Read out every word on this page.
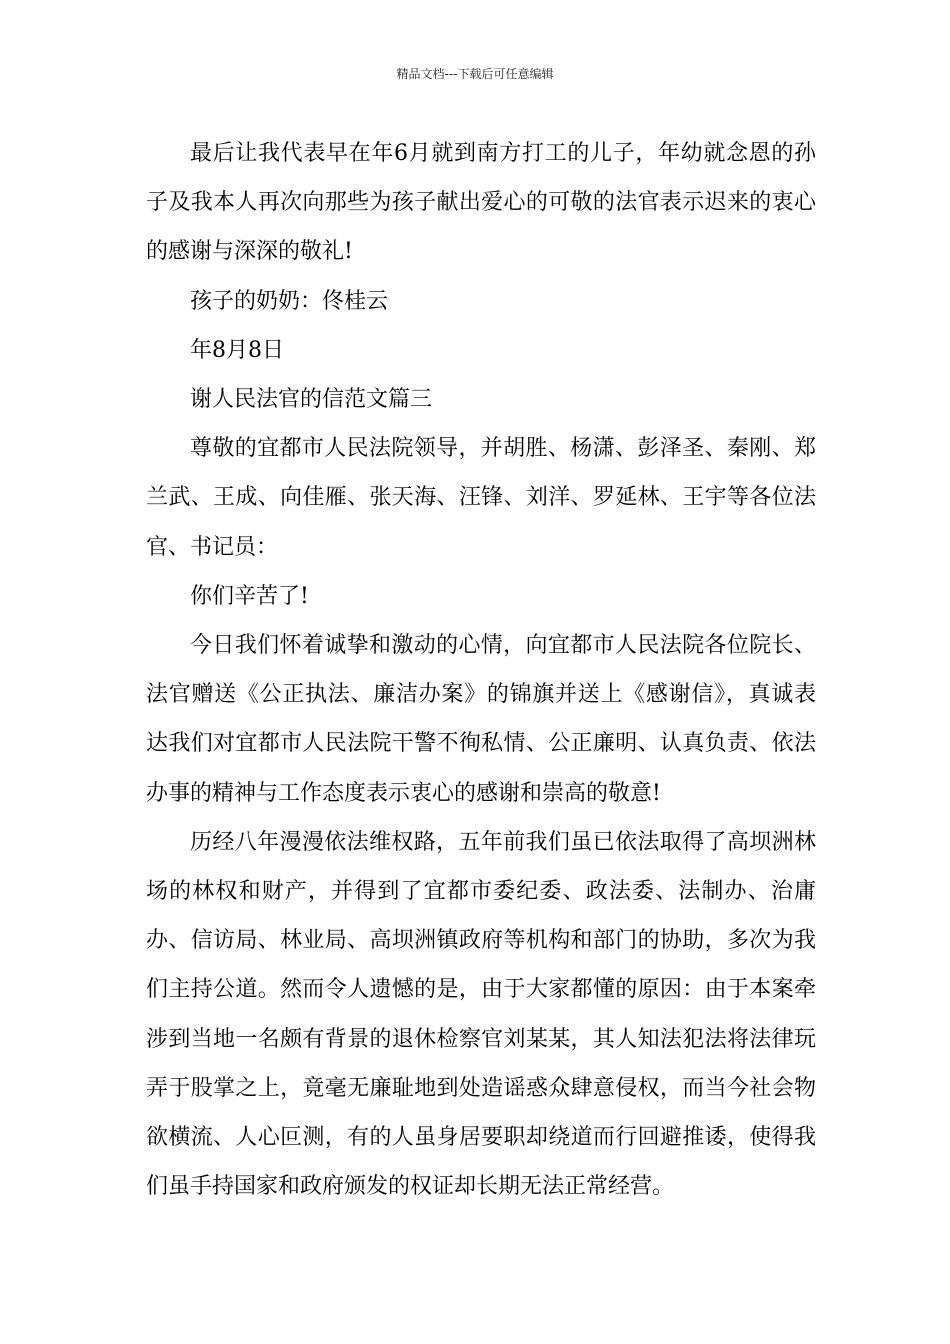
精品文档---下载后可任意编辑

最后让我代表早在年6月就到南方打工的儿子，年幼就念恩的孙子及我本人再次向那些为孩子献出爱心的可敬的法官表示迟来的衷心的感谢与深深的敬礼!

孩子的奶奶：佟桂云

年8月8日

谢人民法官的信范文篇三

尊敬的宜都市人民法院领导，并胡胜、杨潇、彭泽圣、秦刚、郑兰武、王成、向佳雁、张天海、汪锋、刘洋、罗延林、王宇等各位法官、书记员：

你们辛苦了!

今日我们怀着诚挚和激动的心情，向宜都市人民法院各位院长、法官赠送《公正执法、廉洁办案》的锦旗并送上《感谢信》，真诚表达我们对宜都市人民法院干警不徇私情、公正廉明、认真负责、依法办事的精神与工作态度表示衷心的感谢和崇高的敬意!

历经八年漫漫依法维权路，五年前我们虽已依法取得了高坝洲林场的林权和财产，并得到了宜都市委纪委、政法委、法制办、治庸办、信访局、林业局、高坝洲镇政府等机构和部门的协助，多次为我们主持公道。然而令人遗憾的是，由于大家都懂的原因：由于本案牵涉到当地一名颇有背景的退休检察官刘某某，其人知法犯法将法律玩弄于股掌之上，竟毫无廉耻地到处造谣惑众肆意侵权，而当今社会物欲横流、人心叵测，有的人虽身居要职却绕道而行回避推诿，使得我们虽手持国家和政府颁发的权证却长期无法正常经营。
